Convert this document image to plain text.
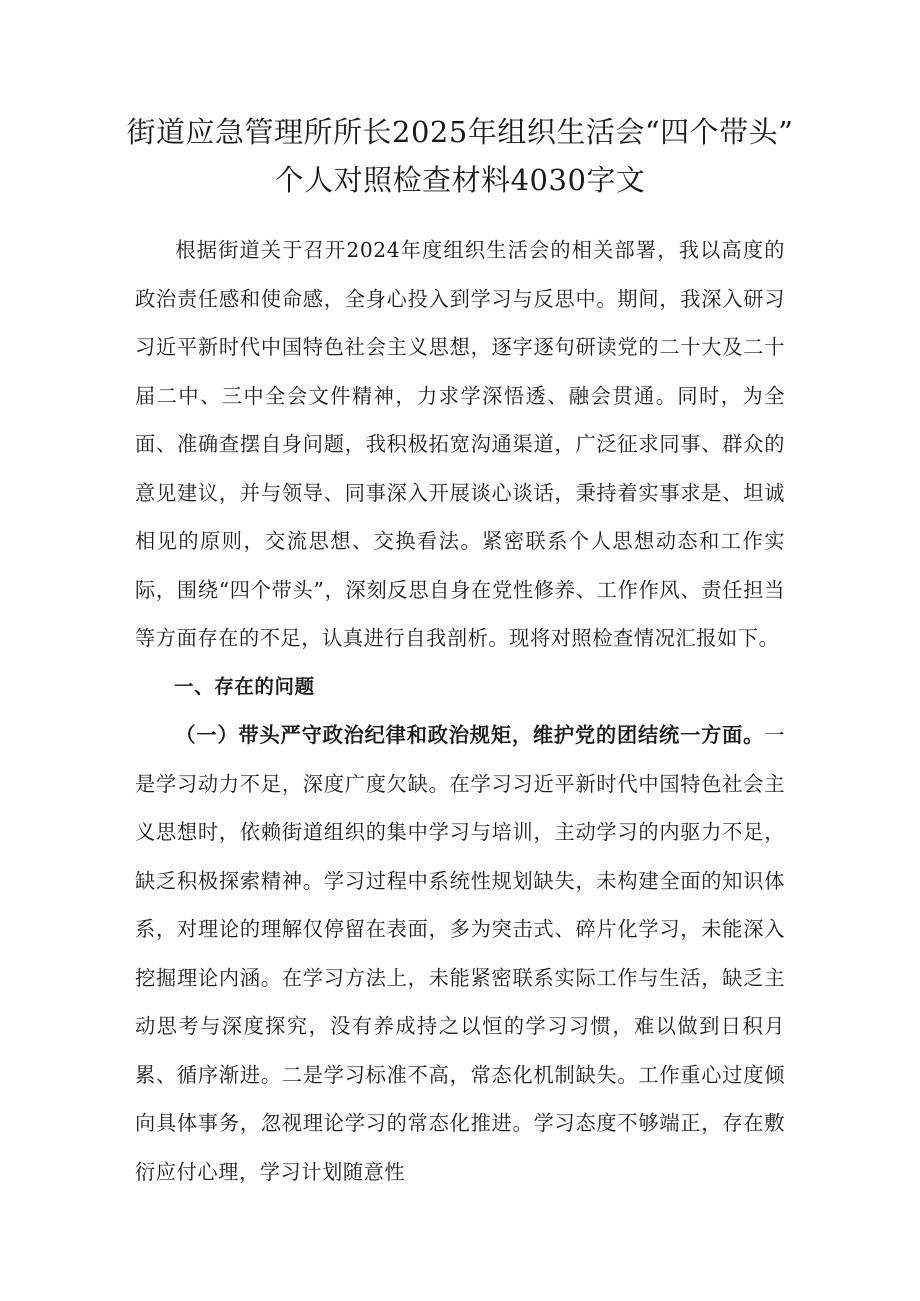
街道应急管理所所长2025年组织生活会“四个带头”
个人对照检查材料4030字文

根据街道关于召开2024年度组织生活会的相关部署，我以高度的政治责任感和使命感，全身心投入到学习与反思中。期间，我深入研习习近平新时代中国特色社会主义思想，逐字逐句研读党的二十大及二十届二中、三中全会文件精神，力求学深悟透、融会贯通。同时，为全面、准确查摆自身问题，我积极拓宽沟通渠道，广泛征求同事、群众的意见建议，并与领导、同事深入开展谈心谈话，秉持着实事求是、坦诚相见的原则，交流思想、交换看法。紧密联系个人思想动态和工作实际，围绕“四个带头”，深刻反思自身在党性修养、工作作风、责任担当等方面存在的不足，认真进行自我剖析。现将对照检查情况汇报如下。

一、存在的问题

（一）带头严守政治纪律和政治规矩，维护党的团结统一方面。一是学习动力不足，深度广度欠缺。在学习习近平新时代中国特色社会主义思想时，依赖街道组织的集中学习与培训，主动学习的内驱力不足，缺乏积极探索精神。学习过程中系统性规划缺失，未构建全面的知识体系，对理论的理解仅停留在表面，多为突击式、碎片化学习，未能深入挖掘理论内涵。在学习方法上，未能紧密联系实际工作与生活，缺乏主动思考与深度探究，没有养成持之以恒的学习习惯，难以做到日积月累、循序渐进。二是学习标准不高，常态化机制缺失。工作重心过度倾向具体事务，忽视理论学习的常态化推进。学习态度不够端正，存在敷衍应付心理，学习计划随意性
